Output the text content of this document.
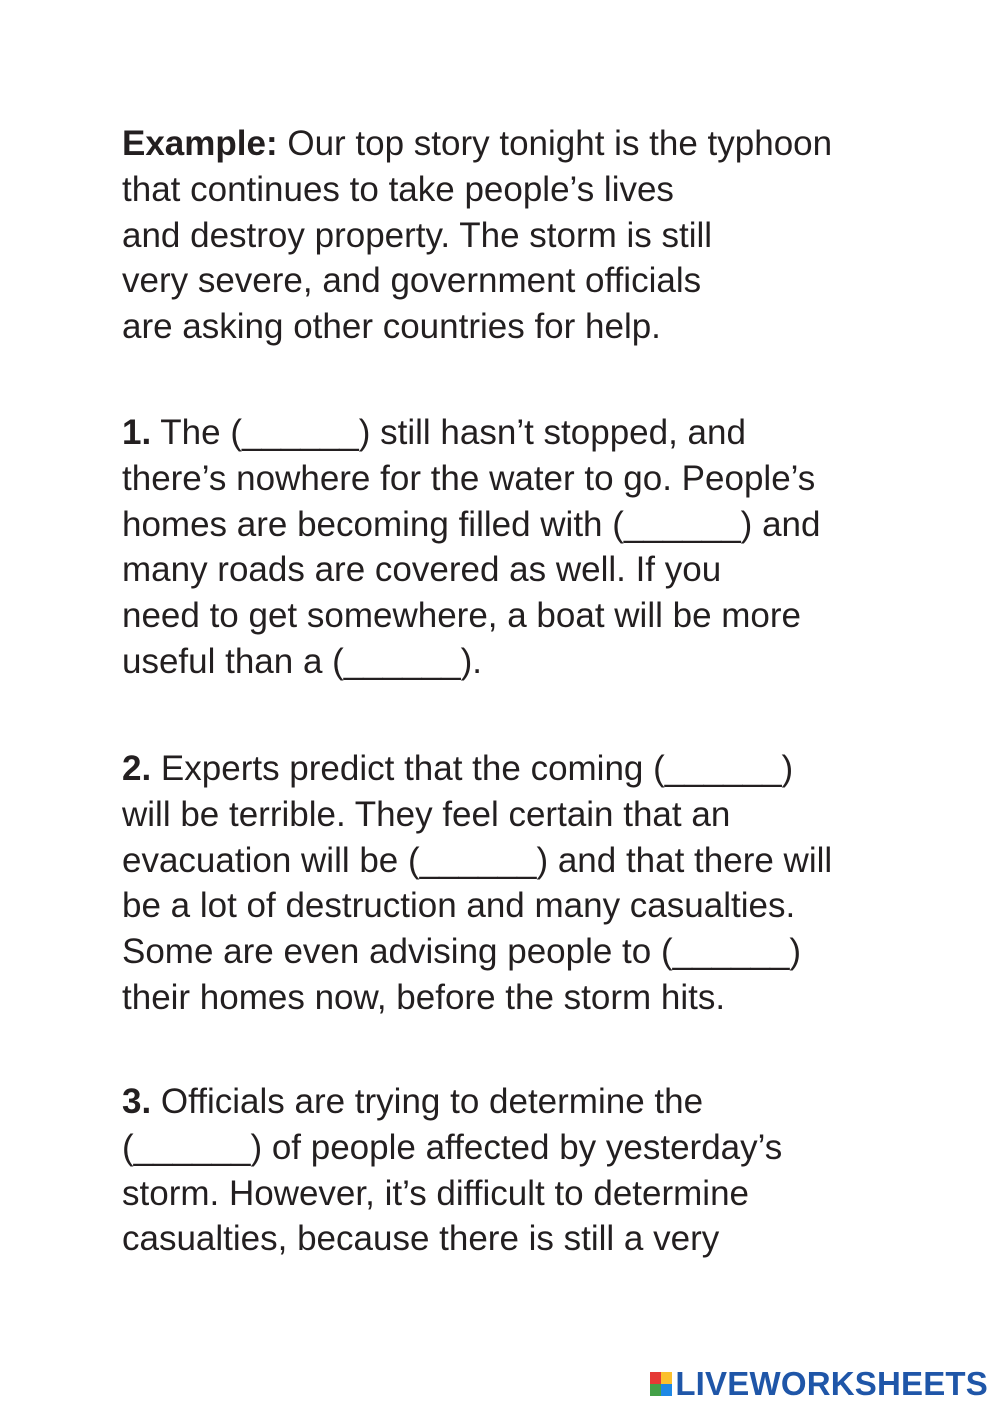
Example: Our top story tonight is the typhoon
that continues to take people’s lives
and destroy property. The storm is still
very severe, and government officials
are asking other countries for help.

1. The (______) still hasn’t stopped, and
there’s nowhere for the water to go. People’s
homes are becoming filled with (______) and
many roads are covered as well. If you
need to get somewhere, a boat will be more
useful than a (______).

2. Experts predict that the coming (______)
will be terrible. They feel certain that an
evacuation will be (______) and that there will
be a lot of destruction and many casualties.
Some are even advising people to (______)
their homes now, before the storm hits.

3. Officials are trying to determine the
(______) of people affected by yesterday’s
storm. However, it’s difficult to determine
casualties, because there is still a very

LIVEWORKSHEETS
